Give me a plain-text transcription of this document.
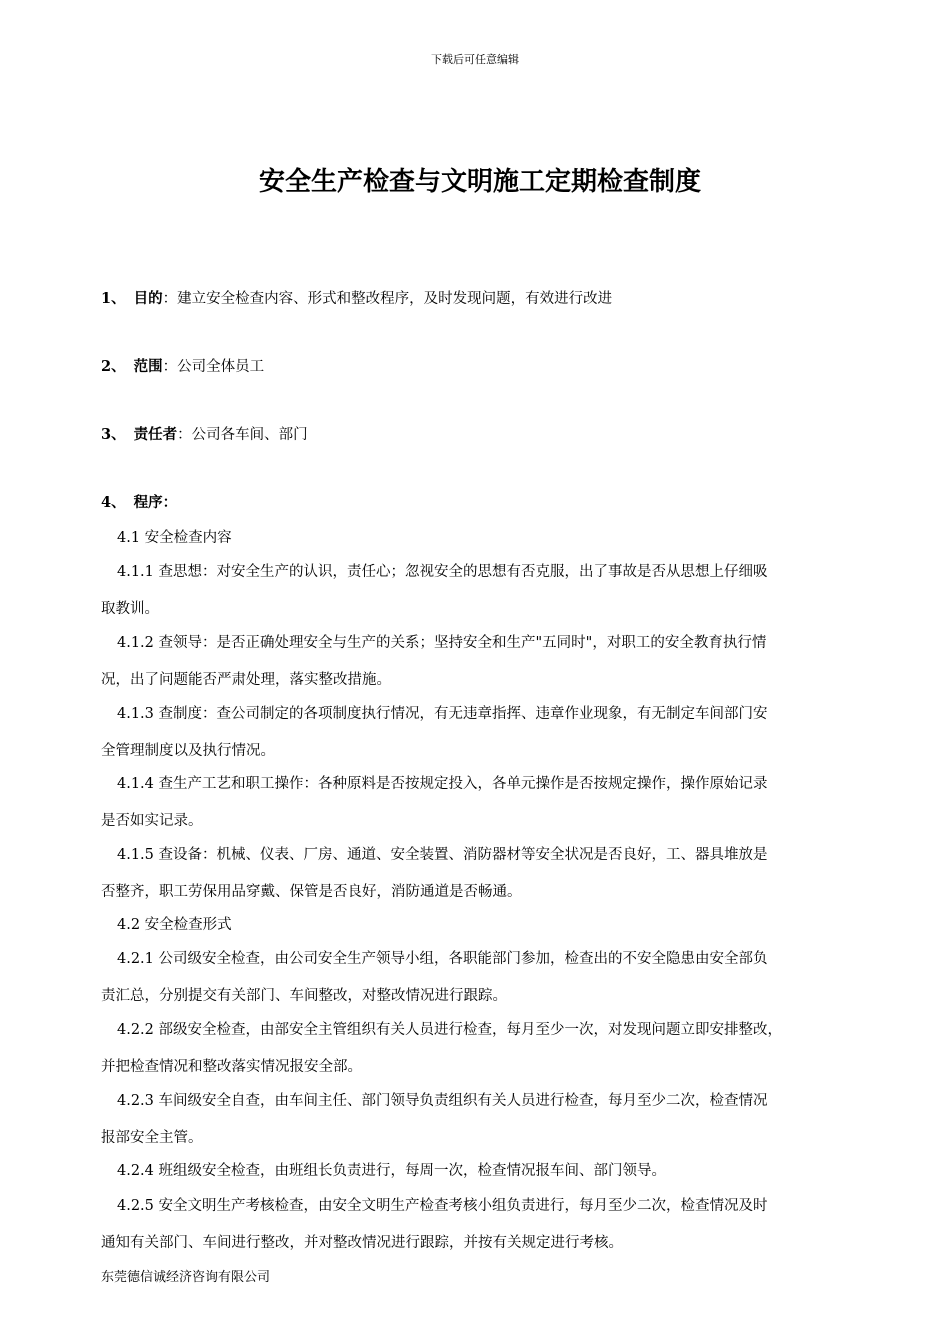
下载后可任意编辑
安全生产检查与文明施工定期检查制度

1、 目的：建立安全检查内容、形式和整改程序，及时发现问题，有效进行改进

2、 范围：公司全体员工

3、 责任者：公司各车间、部门

4、 程序：

4.1 安全检查内容
4.1.1 查思想：对安全生产的认识，责任心；忽视安全的思想有否克服，出了事故是否从思想上仔细吸
取教训。
4.1.2 查领导：是否正确处理安全与生产的关系；坚持安全和生产"五同时"，对职工的安全教育执行情
况，出了问题能否严肃处理，落实整改措施。
4.1.3 查制度：查公司制定的各项制度执行情况，有无违章指挥、违章作业现象，有无制定车间部门安
全管理制度以及执行情况。
4.1.4 查生产工艺和职工操作：各种原料是否按规定投入，各单元操作是否按规定操作，操作原始记录
是否如实记录。
4.1.5 查设备：机械、仪表、厂房、通道、安全装置、消防器材等安全状况是否良好，工、器具堆放是
否整齐，职工劳保用品穿戴、保管是否良好，消防通道是否畅通。
4.2 安全检查形式
4.2.1 公司级安全检查，由公司安全生产领导小组，各职能部门参加，检查出的不安全隐患由安全部负
责汇总，分别提交有关部门、车间整改，对整改情况进行跟踪。
4.2.2 部级安全检查，由部安全主管组织有关人员进行检查，每月至少一次，对发现问题立即安排整改，
并把检查情况和整改落实情况报安全部。
4.2.3 车间级安全自查，由车间主任、部门领导负责组织有关人员进行检查，每月至少二次，检查情况
报部安全主管。
4.2.4 班组级安全检查，由班组长负责进行，每周一次，检查情况报车间、部门领导。
4.2.5 安全文明生产考核检查，由安全文明生产检查考核小组负责进行，每月至少二次，检查情况及时
通知有关部门、车间进行整改，并对整改情况进行跟踪，并按有关规定进行考核。
东莞德信诚经济咨询有限公司
